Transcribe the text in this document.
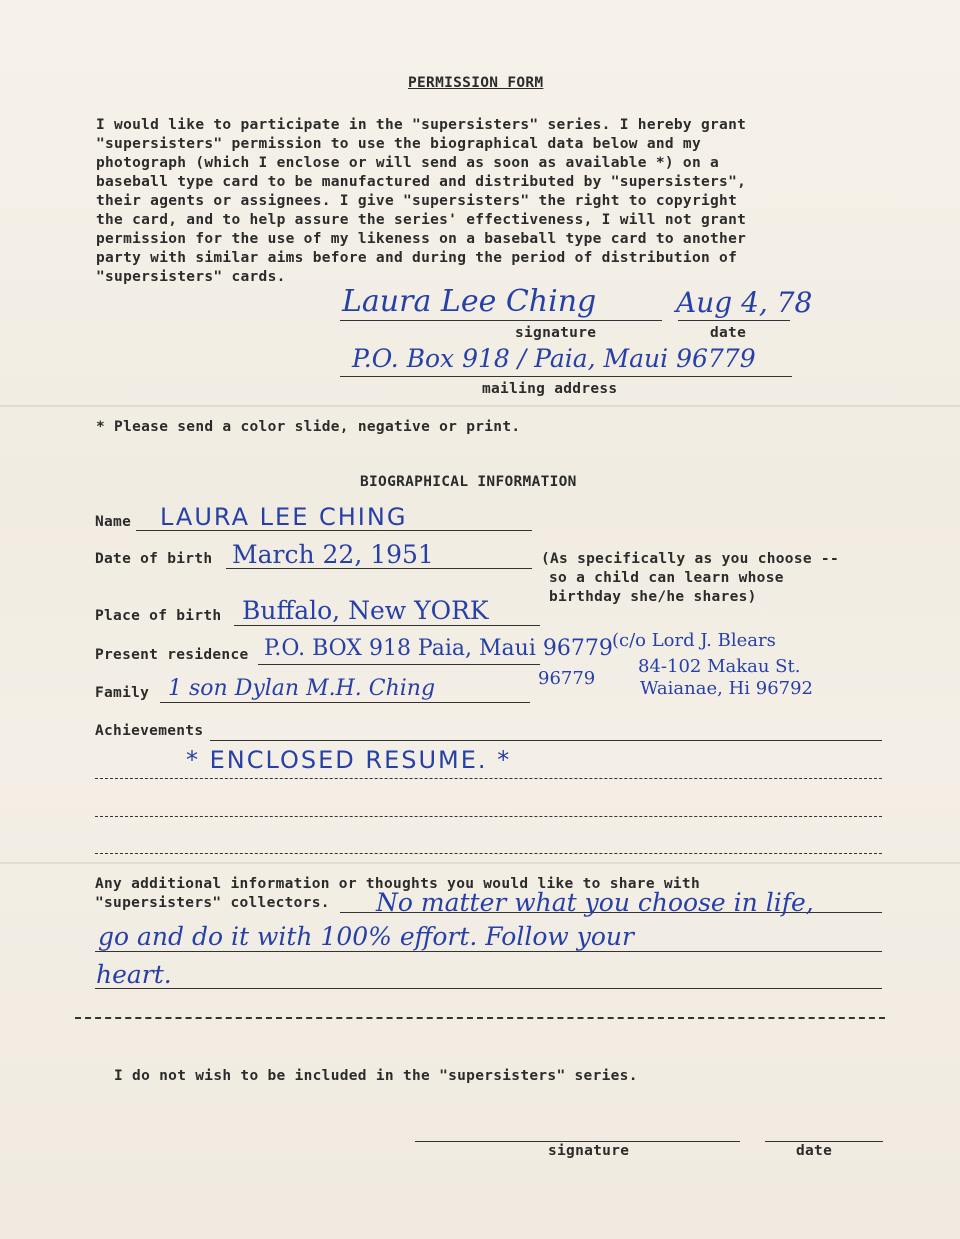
PERMISSION FORM
I would like to participate in the "supersisters" series. I hereby grant
"supersisters" permission to use the biographical data below and my
photograph (which I enclose or will send as soon as available *) on a
baseball type card to be manufactured and distributed by "supersisters",
their agents or assignees. I give "supersisters" the right to copyright
the card, and to help assure the series' effectiveness, I will not grant
permission for the use of my likeness on a baseball type card to another
party with similar aims before and during the period of distribution of
"supersisters" cards.
Laura Lee Ching	Aug 4, 78
signature	date
P.O. Box 918 / Paia, Maui 96779
mailing address
* Please send a color slide, negative or print.
BIOGRAPHICAL INFORMATION
Name LAURA LEE CHING
Date of birth March 22, 1951	(As specifically as you choose --
so a child can learn whose
birthday she/he shares)
Place of birth Buffalo, New YORK
Present residence P.O. BOX 918 Paia, Maui 96779
96779
(c/o Lord J. Blears
84-102 Makau St.
Waianae, Hi 96792
Family 1 son Dylan M.H. Ching
Achievements
* ENCLOSED RESUME. *
Any additional information or thoughts you would like to share with
"supersisters" collectors. No matter what you choose in life,
go and do it with 100% effort. Follow your
heart.
I do not wish to be included in the "supersisters" series.
signature	date
